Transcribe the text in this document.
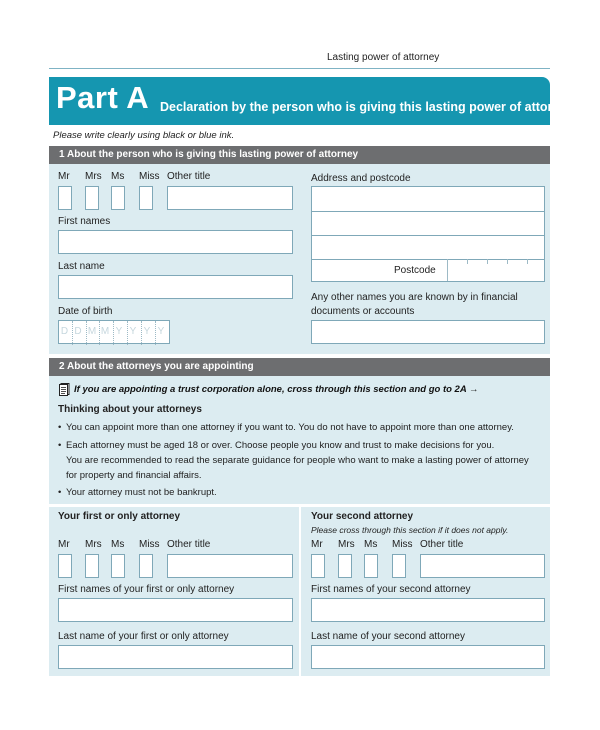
Lasting power of attorney
Part A Declaration by the person who is giving this lasting power of attorney
Please write clearly using black or blue ink.
1 About the person who is giving this lasting power of attorney
Mr Mrs Ms Miss Other title
First names
Last name
Date of birth
D D M M Y Y Y Y
Address and postcode
Postcode
Any other names you are known by in financial
documents or accounts
2 About the attorneys you are appointing
If you are appointing a trust corporation alone, cross through this section and go to 2A →
Thinking about your attorneys
• You can appoint more than one attorney if you want to. You do not have to appoint more than one attorney.
• Each attorney must be aged 18 or over. Choose people you know and trust to make decisions for you.
You are recommended to read the separate guidance for people who want to make a lasting power of attorney
for property and financial affairs.
• Your attorney must not be bankrupt.
Your first or only attorney
Mr Mrs Ms Miss Other title
First names of your first or only attorney
Last name of your first or only attorney
Your second attorney
Please cross through this section if it does not apply.
Mr Mrs Ms Miss Other title
First names of your second attorney
Last name of your second attorney
